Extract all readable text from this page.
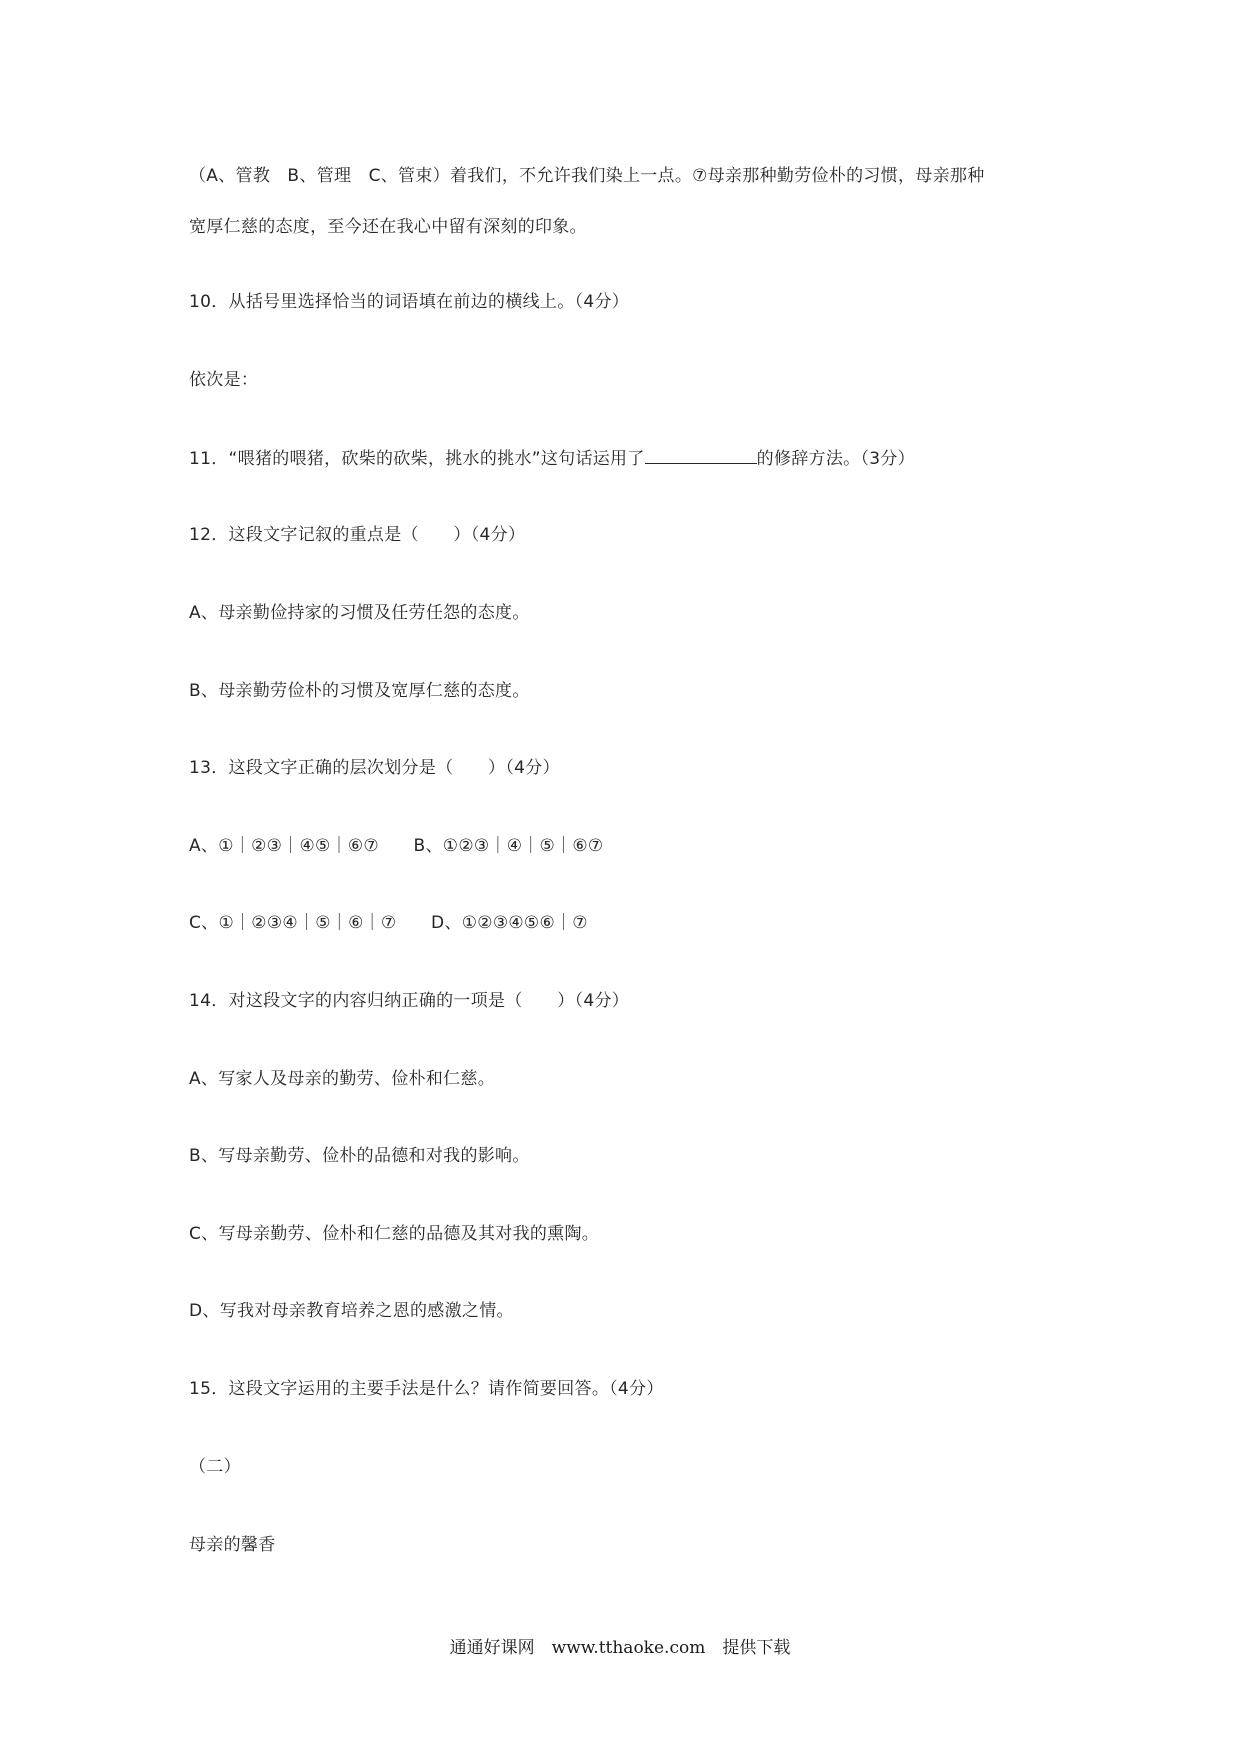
（A、管教　B、管理　C、管束）着我们，不允许我们染上一点。⑦母亲那种勤劳俭朴的习惯，母亲那种
宽厚仁慈的态度，至今还在我心中留有深刻的印象。
10．从括号里选择恰当的词语填在前边的横线上。（4分）
依次是：
11．“喂猪的喂猪，砍柴的砍柴，挑水的挑水”这句话运用了	的修辞方法。（3分）
12．这段文字记叙的重点是（　　）（4分）
A、母亲勤俭持家的习惯及任劳任怨的态度。
B、母亲勤劳俭朴的习惯及宽厚仁慈的态度。
13．这段文字正确的层次划分是（　　）（4分）
A、①｜②③｜④⑤｜⑥⑦　　B、①②③｜④｜⑤｜⑥⑦
C、①｜②③④｜⑤｜⑥｜⑦　　D、①②③④⑤⑥｜⑦
14．对这段文字的内容归纳正确的一项是（　　）（4分）
A、写家人及母亲的勤劳、俭朴和仁慈。
B、写母亲勤劳、俭朴的品德和对我的影响。
C、写母亲勤劳、俭朴和仁慈的品德及其对我的熏陶。
D、写我对母亲教育培养之恩的感激之情。
15．这段文字运用的主要手法是什么？请作简要回答。（4分）
（二）
母亲的馨香
通通好课网　www.tthaoke.com　提供下载
